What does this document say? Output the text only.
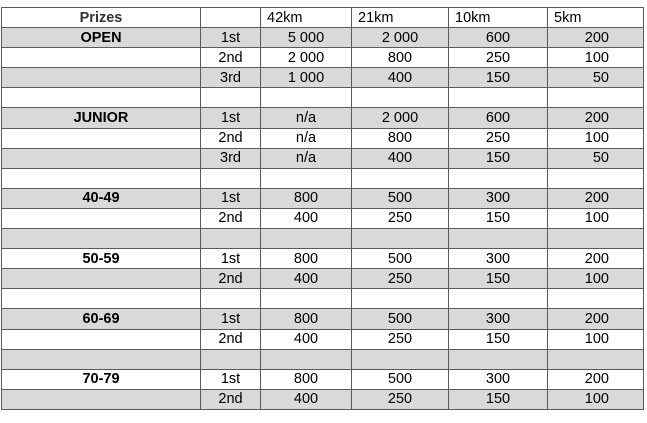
Prizes		42km	21km	10km	5km
OPEN	1st	5 000	2 000	600	200
	2nd	2 000	800	250	100
	3rd	1 000	400	150	50

JUNIOR	1st	n/a	2 000	600	200
	2nd	n/a	800	250	100
	3rd	n/a	400	150	50

40-49	1st	800	500	300	200
	2nd	400	250	150	100

50-59	1st	800	500	300	200
	2nd	400	250	150	100

60-69	1st	800	500	300	200
	2nd	400	250	150	100

70-79	1st	800	500	300	200
	2nd	400	250	150	100
